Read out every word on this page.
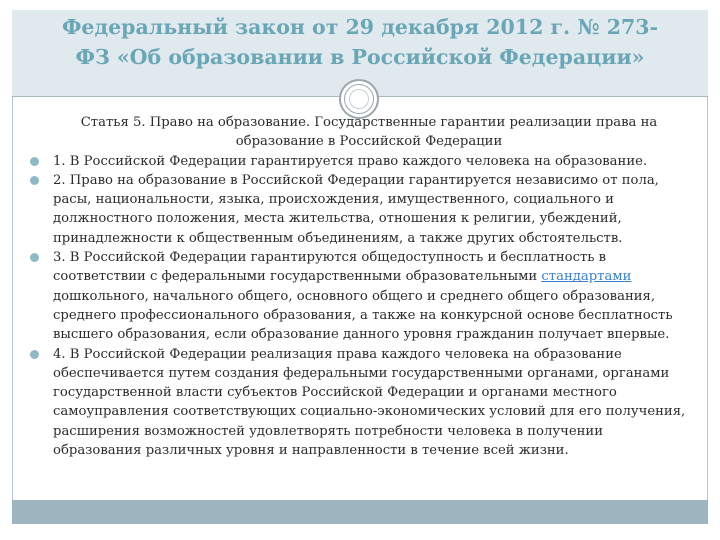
Федеральный закон от 29 декабря 2012 г. № 273-
ФЗ «Об образовании в Российской Федерации»
Статья 5. Право на образование. Государственные гарантии реализации права на образование в Российской Федерации
1. В Российской Федерации гарантируется право каждого человека на образование.
2. Право на образование в Российской Федерации гарантируется независимо от пола, расы, национальности, языка, происхождения, имущественного, социального и должностного положения, места жительства, отношения к религии, убеждений, принадлежности к общественным объединениям, а также других обстоятельств.
3. В Российской Федерации гарантируются общедоступность и бесплатность в соответствии с федеральными государственными образовательными стандартами дошкольного, начального общего, основного общего и среднего общего образования, среднего профессионального образования, а также на конкурсной основе бесплатность высшего образования, если образование данного уровня гражданин получает впервые.
4. В Российской Федерации реализация права каждого человека на образование обеспечивается путем создания федеральными государственными органами, органами государственной власти субъектов Российской Федерации и органами местного самоуправления соответствующих социально-экономических условий для его получения, расширения возможностей удовлетворять потребности человека в получении образования различных уровня и направленности в течение всей жизни.
